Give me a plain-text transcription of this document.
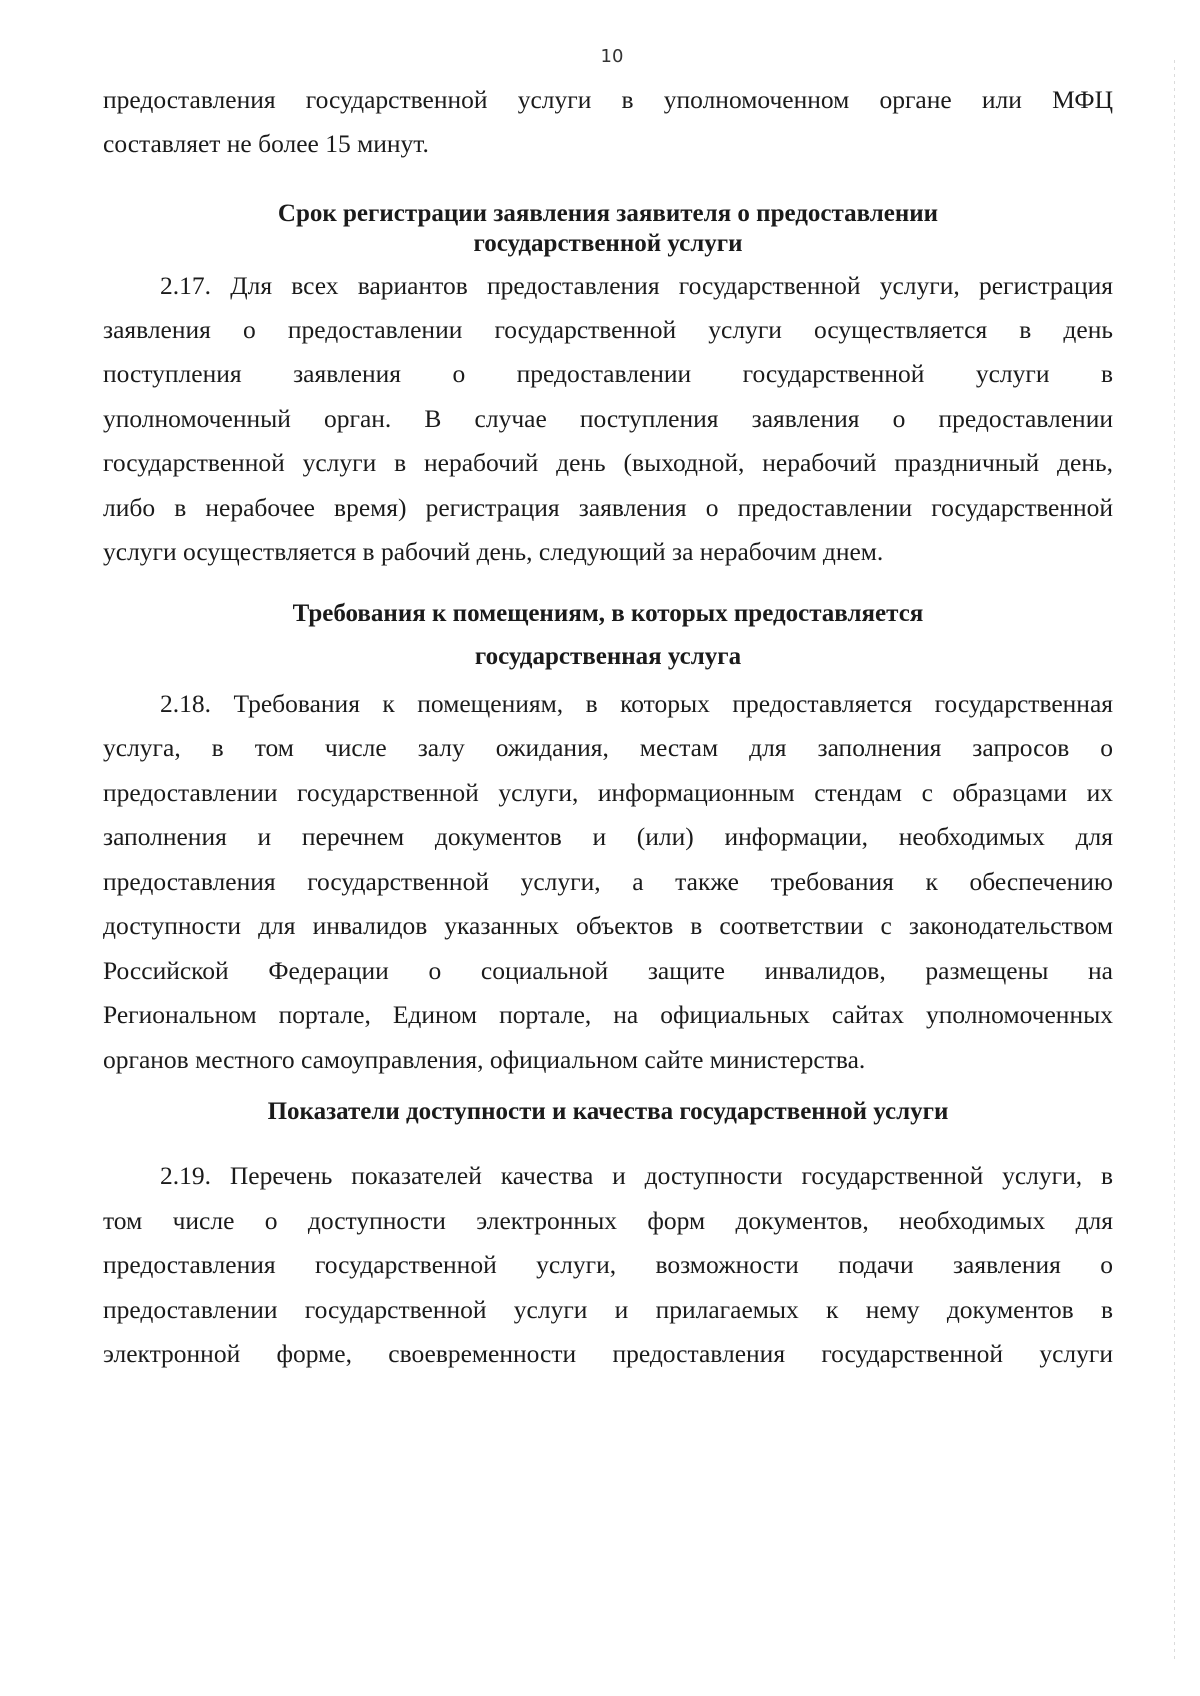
10
предоставления государственной услуги в уполномоченном органе или МФЦ
составляет не более 15 минут.
Срок регистрации заявления заявителя о предоставлении
государственной услуги
2.17. Для всех вариантов предоставления государственной услуги, регистрация
заявления о предоставлении государственной услуги осуществляется в день
поступления заявления о предоставлении государственной услуги в
уполномоченный орган. В случае поступления заявления о предоставлении
государственной услуги в нерабочий день (выходной, нерабочий праздничный день,
либо в нерабочее время) регистрация заявления о предоставлении государственной
услуги осуществляется в рабочий день, следующий за нерабочим днем.
Требования к помещениям, в которых предоставляется
государственная услуга
2.18. Требования к помещениям, в которых предоставляется государственная
услуга, в том числе залу ожидания, местам для заполнения запросов о
предоставлении государственной услуги, информационным стендам с образцами их
заполнения и перечнем документов и (или) информации, необходимых для
предоставления государственной услуги, а также требования к обеспечению
доступности для инвалидов указанных объектов в соответствии с законодательством
Российской Федерации о социальной защите инвалидов, размещены на
Региональном портале, Едином портале, на официальных сайтах уполномоченных
органов местного самоуправления, официальном сайте министерства.
Показатели доступности и качества государственной услуги
2.19. Перечень показателей качества и доступности государственной услуги, в
том числе о доступности электронных форм документов, необходимых для
предоставления государственной услуги, возможности подачи заявления о
предоставлении государственной услуги и прилагаемых к нему документов в
электронной форме, своевременности предоставления государственной услуги
